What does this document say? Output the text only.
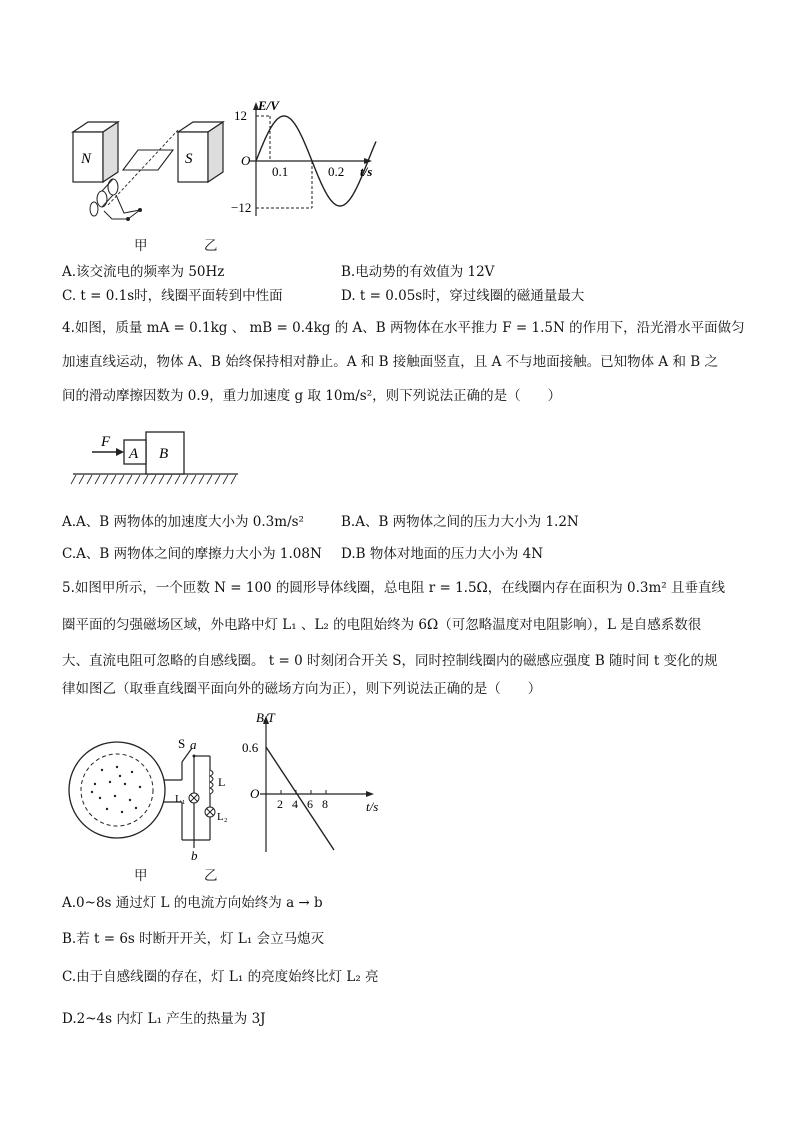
N	S
E/V
12
−12
O
0.1	0.2 t/s
甲	乙
A.该交流电的频率为 50Hz	B.电动势的有效值为 12V
C. t = 0.1s时，线圈平面转到中性面	D. t = 0.05s时，穿过线圈的磁通量最大
4.如图，质量 mA = 0.1kg 、 mB = 0.4kg 的 A、B 两物体在水平推力 F = 1.5N 的作用下，沿光滑水平面做匀
加速直线运动，物体 A、B 始终保持相对静止。A 和 B 接触面竖直，且 A 不与地面接触。已知物体 A 和 B 之
间的滑动摩擦因数为 0.9，重力加速度 g 取 10m/s²，则下列说法正确的是（　　）
F
A B
A.A、B 两物体的加速度大小为 0.3m/s²	B.A、B 两物体之间的压力大小为 1.2N
C.A、B 两物体之间的摩擦力大小为 1.08N D.B 物体对地面的压力大小为 4N
5.如图甲所示，一个匝数 N = 100 的圆形导体线圈，总电阻 r = 1.5Ω，在线圈内存在面积为 0.3m² 且垂直线
圈平面的匀强磁场区域，外电路中灯 L₁ 、L₂ 的电阻始终为 6Ω（可忽略温度对电阻影响），L 是自感系数很
大、直流电阻可忽略的自感线圈。 t = 0 时刻闭合开关 S，同时控制线圈内的磁感应强度 B 随时间 t 变化的规
律如图乙（取垂直线圈平面向外的磁场方向为正），则下列说法正确的是（　　）
S a
b
L
L₁
L₂
B/T
0.6
O
2 4 6 8	t/s
甲	乙
A.0~8s 通过灯 L 的电流方向始终为 a → b
B.若 t = 6s 时断开开关，灯 L₁ 会立马熄灭
C.由于自感线圈的存在，灯 L₁ 的亮度始终比灯 L₂ 亮
D.2~4s 内灯 L₁ 产生的热量为 3J
